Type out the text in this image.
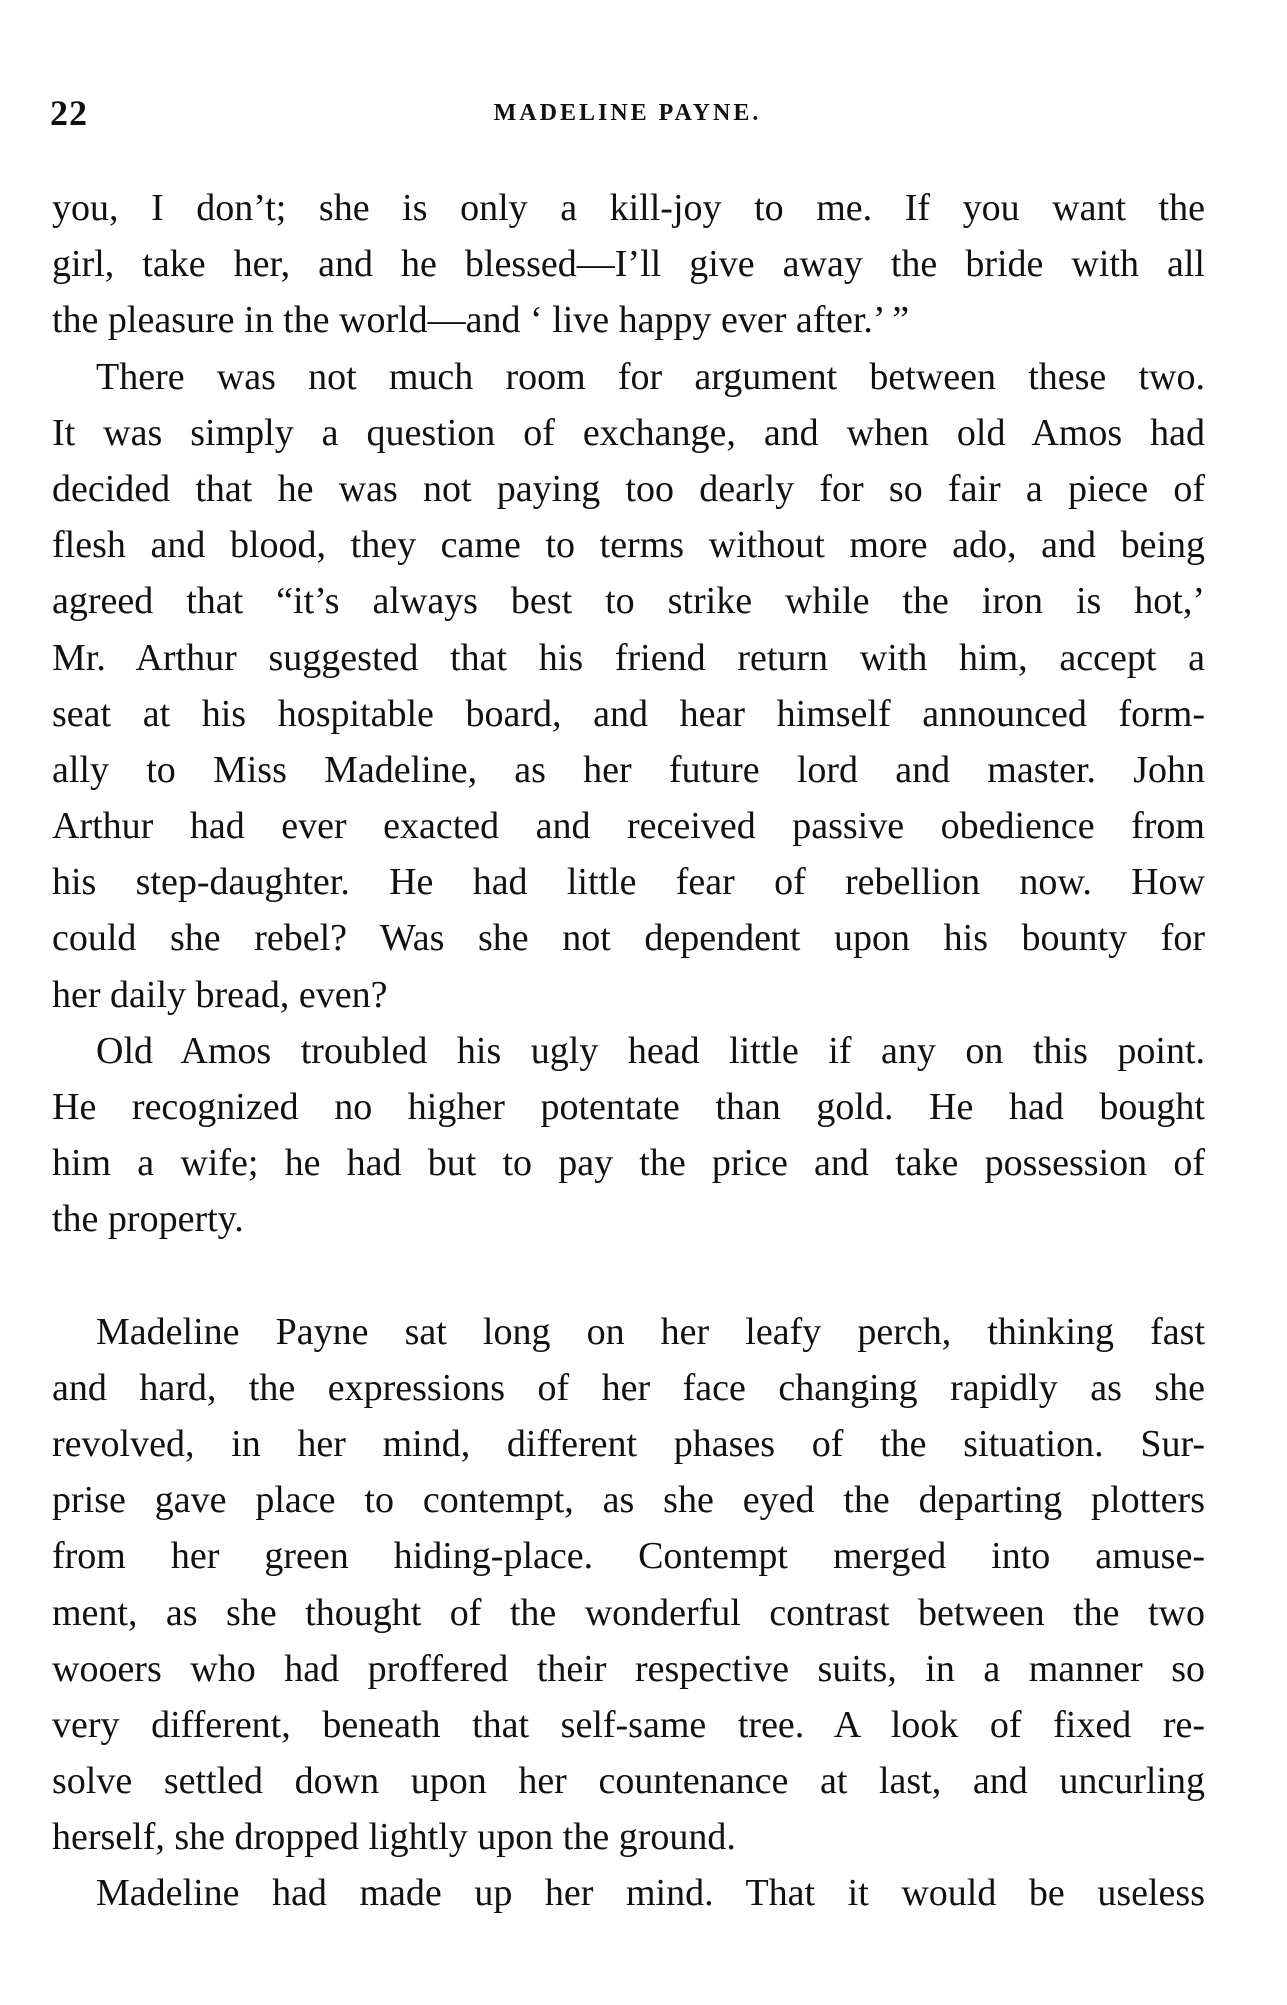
22	MADELINE PAYNE.
you, I don’t; she is only a kill-joy to me. If you want the
girl, take her, and he blessed—I’ll give away the bride with all
the pleasure in the world—and ‘ live happy ever after.’ ”
There was not much room for argument between these two.
It was simply a question of exchange, and when old Amos had
decided that he was not paying too dearly for so fair a piece of
flesh and blood, they came to terms without more ado, and being
agreed that “it’s always best to strike while the iron is hot,’
Mr. Arthur suggested that his friend return with him, accept a
seat at his hospitable board, and hear himself announced form-
ally to Miss Madeline, as her future lord and master. John
Arthur had ever exacted and received passive obedience from
his step-daughter. He had little fear of rebellion now. How
could she rebel? Was she not dependent upon his bounty for
her daily bread, even?
Old Amos troubled his ugly head little if any on this point.
He recognized no higher potentate than gold. He had bought
him a wife; he had but to pay the price and take possession of
the property.
Madeline Payne sat long on her leafy perch, thinking fast
and hard, the expressions of her face changing rapidly as she
revolved, in her mind, different phases of the situation. Sur-
prise gave place to contempt, as she eyed the departing plotters
from her green hiding-place. Contempt merged into amuse-
ment, as she thought of the wonderful contrast between the two
wooers who had proffered their respective suits, in a manner so
very different, beneath that self-same tree. A look of fixed re-
solve settled down upon her countenance at last, and uncurling
herself, she dropped lightly upon the ground.
Madeline had made up her mind. That it would be useless
